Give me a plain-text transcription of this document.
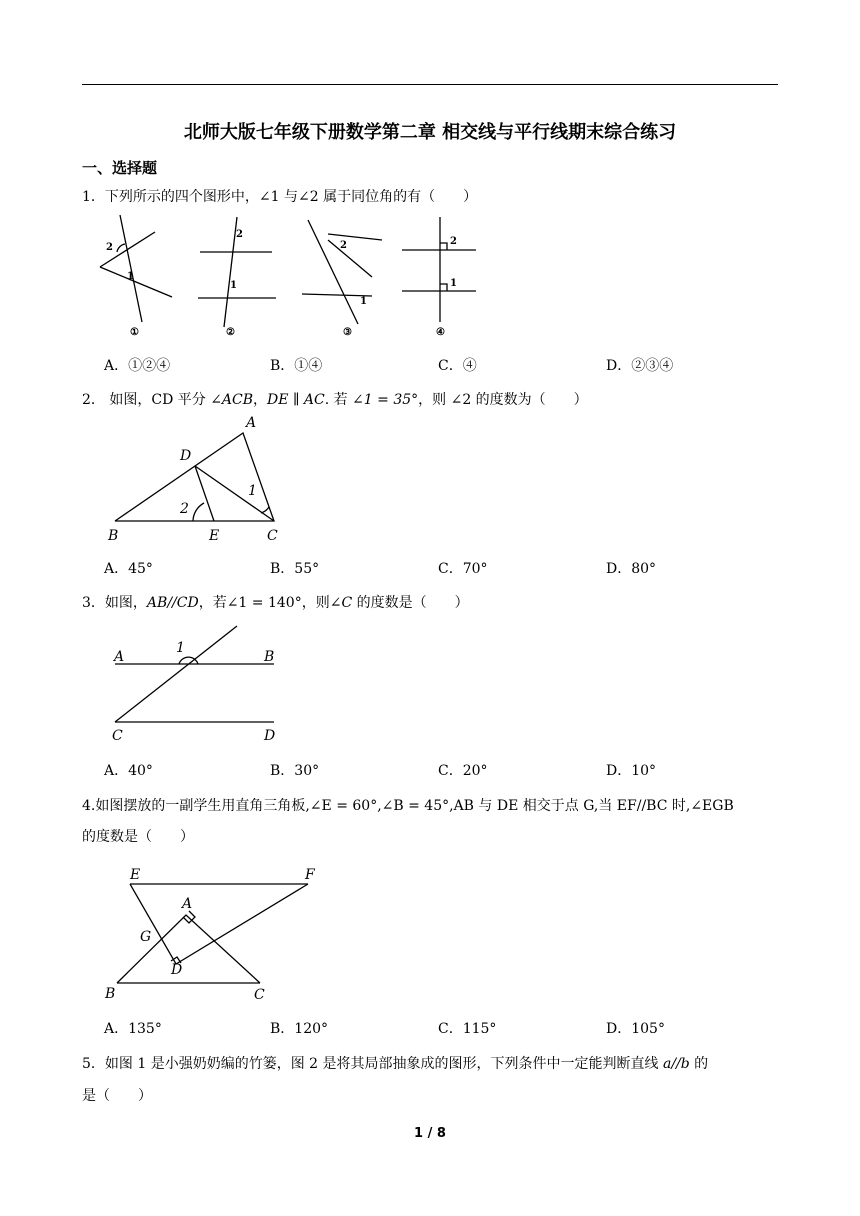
北师大版七年级下册数学第二章 相交线与平行线期末综合练习
一、选择题
1．下列所示的四个图形中，∠1 与∠2 属于同位角的有（　　）
2
1
2
1
2
1
2
1
①	②	③	④
A．①②④	B．①④	C．④	D．②③④
2． 如图，CD 平分 ∠ACB，DE ∥ AC. 若 ∠1 = 35°，则 ∠2 的度数为（　　）
A
D
B	E	C
1
2
A．45°	B．55°	C．70°	D．80°
3．如图，AB//CD，若∠1 = 140°，则∠C 的度数是（　　）
A	B
C	D
1
A．40°	B．30°	C．20°	D．10°
4.如图摆放的一副学生用直角三角板,∠E = 60°,∠B = 45°,AB 与 DE 相交于点 G,当 EF//BC 时,∠EGB
的度数是（　　）
E	F
A
G
D
B	C
A．135°	B．120°	C．115°	D．105°
5．如图 1 是小强奶奶编的竹篓，图 2 是将其局部抽象成的图形，下列条件中一定能判断直线 a//b 的
是（　　）
1 / 8
